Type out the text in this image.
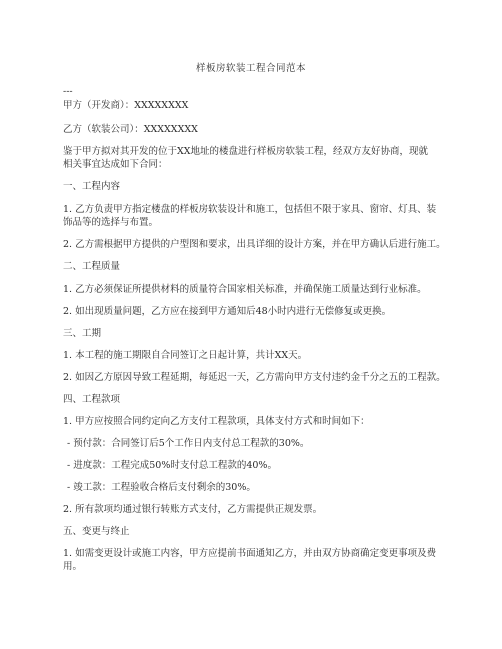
样板房软装工程合同范本
---
甲方（开发商）：XXXXXXXX
乙方（软装公司）：XXXXXXXX
鉴于甲方拟对其开发的位于XX地址的楼盘进行样板房软装工程，经双方友好协商，现就
相关事宜达成如下合同：
一、工程内容
1. 乙方负责甲方指定楼盘的样板房软装设计和施工，包括但不限于家具、窗帘、灯具、装
饰品等的选择与布置。
2. 乙方需根据甲方提供的户型图和要求，出具详细的设计方案，并在甲方确认后进行施工。
二、工程质量
1. 乙方必须保证所提供材料的质量符合国家相关标准，并确保施工质量达到行业标准。
2. 如出现质量问题，乙方应在接到甲方通知后48小时内进行无偿修复或更换。
三、工期
1. 本工程的施工期限自合同签订之日起计算，共计XX天。
2. 如因乙方原因导致工程延期，每延迟一天，乙方需向甲方支付违约金千分之五的工程款。
四、工程款项
1. 甲方应按照合同约定向乙方支付工程款项，具体支付方式和时间如下：
- 预付款：合同签订后5个工作日内支付总工程款的30%。
- 进度款：工程完成50%时支付总工程款的40%。
- 竣工款：工程验收合格后支付剩余的30%。
2. 所有款项均通过银行转账方式支付，乙方需提供正规发票。
五、变更与终止
1. 如需变更设计或施工内容，甲方应提前书面通知乙方，并由双方协商确定变更事项及费
用。
